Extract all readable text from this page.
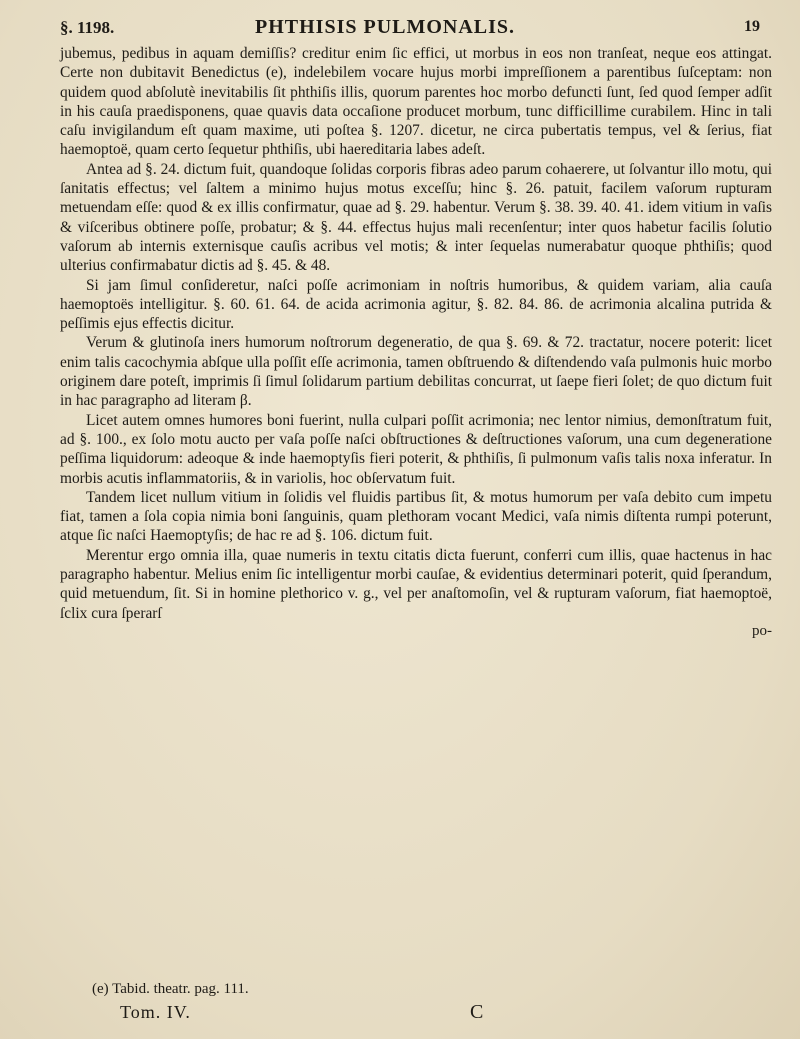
§. 1198.	PHTHISIS PULMONALIS.	19

jubemus, pedibus in aquam demiſſis? creditur enim ſic effici, ut morbus in eos non tranſeat, neque eos attingat. Certe non dubitavit Benedictus (e), indelebilem vocare hujus morbi impreſſionem a parentibus ſuſceptam: non quidem quod abſolutè inevitabilis ſit phthiſis illis, quorum parentes hoc morbo defuncti ſunt, ſed quod ſemper adſit in his cauſa praedisponens, quae quavis data occaſione producet morbum, tunc difficillime curabilem. Hinc in tali caſu invigilandum eſt quam maxime, uti poſtea §. 1207. dicetur, ne circa pubertatis tempus, vel & ſerius, fiat haemoptoë, quam certo ſequetur phthiſis, ubi haereditaria labes adeſt.

Antea ad §. 24. dictum fuit, quandoque ſolidas corporis fibras adeo parum cohaerere, ut ſolvantur illo motu, qui ſanitatis effectus; vel ſaltem a minimo hujus motus exceſſu; hinc §. 26. patuit, facilem vaſorum rupturam metuendam eſſe: quod & ex illis confirmatur, quae ad §. 29. habentur. Verum §. 38. 39. 40. 41. idem vitium in vaſis & viſceribus obtinere poſſe, probatur; & §. 44. effectus hujus mali recenſentur; inter quos habetur facilis ſolutio vaſorum ab internis externisque cauſis acribus vel motis; & inter ſequelas numerabatur quoque phthiſis; quod ulterius confirmabatur dictis ad §. 45. & 48.

Si jam ſimul conſideretur, naſci poſſe acrimoniam in noſtris humoribus, & quidem variam, alia cauſa haemoptoës intelligitur. §. 60. 61. 64. de acida acrimonia agitur, §. 82. 84. 86. de acrimonia alcalina putrida & peſſimis ejus effectis dicitur.

Verum & glutinoſa iners humorum noſtrorum degeneratio, de qua §. 69. & 72. tractatur, nocere poterit: licet enim talis cacochymia abſque ulla poſſit eſſe acrimonia, tamen obſtruendo & diſtendendo vaſa pulmonis huic morbo originem dare poteſt, imprimis ſi ſimul ſolidarum partium debilitas concurrat, ut ſaepe fieri ſolet; de quo dictum fuit in hac paragrapho ad literam β.

Licet autem omnes humores boni fuerint, nulla culpari poſſit acrimonia; nec lentor nimius, demonſtratum fuit, ad §. 100., ex ſolo motu aucto per vaſa poſſe naſci obſtructiones & deſtructiones vaſorum, una cum degeneratione peſſima liquidorum: adeoque & inde haemoptyſis fieri poterit, & phthiſis, ſi pulmonum vaſis talis noxa inferatur. In morbis acutis inflammatoriis, & in variolis, hoc obſervatum fuit.

Tandem licet nullum vitium in ſolidis vel fluidis partibus ſit, & motus humorum per vaſa debito cum impetu fiat, tamen a ſola copia nimia boni ſanguinis, quam plethoram vocant Medici, vaſa nimis diſtenta rumpi poterunt, atque ſic naſci Haemoptyſis; de hac re ad §. 106. dictum fuit.

Merentur ergo omnia illa, quae numeris in textu citatis dicta fuerunt, conferri cum illis, quae hactenus in hac paragrapho habentur. Melius enim ſic intelligentur morbi cauſae, & evidentius determinari poterit, quid ſperandum, quid metuendum, ſit. Si in homine plethorico v. g., vel per anaſtomoſin, vel & rupturam vaſorum, fiat haemoptoë, ſclix cura ſperarſ

po-

(e) Tabid. theatr. pag. 111.
Tom. IV.	C
